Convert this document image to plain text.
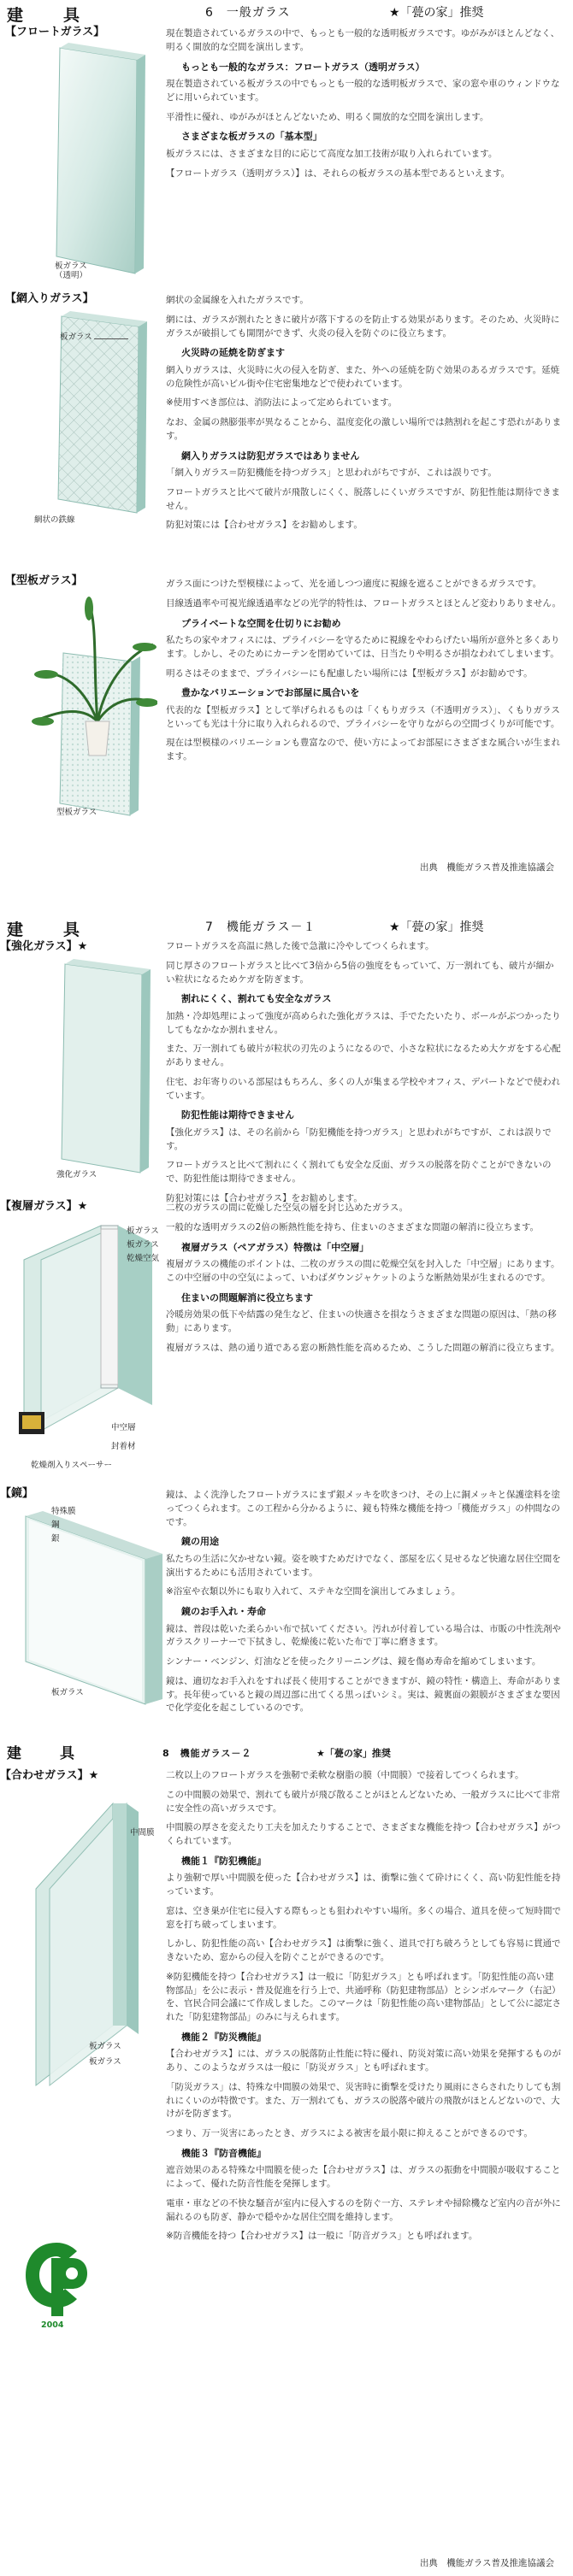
建　具	6　一般ガラス	★「甍の家」推奨
【フロートガラス】
板ガラス
（透明）

現在製造されているガラスの中で、もっとも一般的な透明板ガラスです。ゆがみがほとんどなく、明るく開放的な空間を演出します。

もっとも一般的なガラス：フロートガラス（透明ガラス）

現在製造されている板ガラスの中でもっとも一般的な透明板ガラスで、家の窓や車のウィンドウなどに用いられています。

平滑性に優れ、ゆがみがほとんどないため、明るく開放的な空間を演出します。

さまざまな板ガラスの「基本型」

板ガラスには、さまざまな目的に応じて高度な加工技術が取り入れられています。

【フロートガラス（透明ガラス）】は、それらの板ガラスの基本型であるといえます。

【網入りガラス】
板ガラス
網状の鉄線

網状の金属線を入れたガラスです。

網には、ガラスが割れたときに破片が落下するのを防止する効果があります。そのため、火災時にガラスが破損しても開閉ができず、火炎の侵入を防ぐのに役立ちます。

火災時の延焼を防ぎます

網入りガラスは、火災時に火の侵入を防ぎ、また、外への延焼を防ぐ効果のあるガラスです。延焼の危険性が高いビル街や住宅密集地などで使われています。

※使用すべき部位は、消防法によって定められています。

なお、金属の熱膨張率が異なることから、温度変化の激しい場所では熱割れを起こす恐れがあります。

網入りガラスは防犯ガラスではありません

「網入りガラス＝防犯機能を持つガラス」と思われがちですが、これは誤りです。

フロートガラスと比べて破片が飛散しにくく、脱落しにくいガラスですが、防犯性能は期待できません。

防犯対策には【合わせガラス】をお勧めします。

【型板ガラス】
型板ガラス

ガラス面につけた型模様によって、光を通しつつ適度に視線を遮ることができるガラスです。

目線透過率や可視光線透過率などの光学的特性は、フロートガラスとほとんど変わりありません。

プライベートな空間を仕切りにお勧め

私たちの家やオフィスには、プライバシーを守るために視線をやわらげたい場所が意外と多くあります。しかし、そのためにカーテンを閉めていては、日当たりや明るさが損なわれてしまいます。

明るさはそのままで、プライバシーにも配慮したい場所には【型板ガラス】がお勧めです。

豊かなバリエーションでお部屋に風合いを

代表的な【型板ガラス】として挙げられるものは「くもりガラス（不透明ガラス）」、くもりガラスといっても光は十分に取り入れられるので、プライバシーを守りながらの空間づくりが可能です。

現在は型模様のバリエーションも豊富なので、使い方によってお部屋にさまざまな風合いが生まれます。

出典　機能ガラス普及推進協議会
建　具	7　機能ガラス－１	★「甍の家」推奨
【強化ガラス】★
強化ガラス

フロートガラスを高温に熱した後で急激に冷やしてつくられます。

同じ厚さのフロートガラスと比べて3倍から5倍の強度をもっていて、万一割れても、破片が細かい粒状になるためケガを防ぎます。

割れにくく、割れても安全なガラス

加熱・冷却処理によって強度が高められた強化ガラスは、手でたたいたり、ボールがぶつかったりしてもなかなか割れません。

また、万一割れても破片が粒状の刃先のようになるので、小さな粒状になるため大ケガをする心配がありません。

住宅、お年寄りのいる部屋はもちろん、多くの人が集まる学校やオフィス、デパートなどで使われています。

防犯性能は期待できません

【強化ガラス】は、その名前から「防犯機能を持つガラス」と思われがちですが、これは誤りです。

フロートガラスと比べて割れにくく割れても安全な反面、ガラスの脱落を防ぐことができないので、防犯性能は期待できません。

防犯対策には【合わせガラス】をお勧めします。

【複層ガラス】★
板ガラス
板ガラス
乾燥空気
中空層
封着材
乾燥剤入りスペーサー

二枚のガラスの間に乾燥した空気の層を封じ込めたガラス。

一般的な透明ガラスの2倍の断熱性能を持ち、住まいのさまざまな問題の解消に役立ちます。

複層ガラス（ペアガラス）特徴は「中空層」

複層ガラスの機能のポイントは、二枚のガラスの間に乾燥空気を封入した「中空層」にあります。この中空層の中の空気によって、いわばダウンジャケットのような断熱効果が生まれるのです。

住まいの問題解消に役立ちます

冷暖房効果の低下や結露の発生など、住まいの快適さを損なうさまざまな問題の原因は、「熱の移動」にあります。

複層ガラスは、熱の通り道である窓の断熱性能を高めるため、こうした問題の解消に役立ちます。

【鏡】
特殊膜
鋼
銀
板ガラス

鏡は、よく洗浄したフロートガラスにまず銀メッキを吹きつけ、その上に銅メッキと保護塗料を塗ってつくられます。この工程から分かるように、鏡も特殊な機能を持つ「機能ガラス」の仲間なのです。

鏡の用途

私たちの生活に欠かせない鏡。姿を映すためだけでなく、部屋を広く見せるなど快適な居住空間を演出するためにも活用されています。

※浴室や衣類以外にも取り入れて、ステキな空間を演出してみましょう。

鏡のお手入れ・寿命

鏡は、普段は乾いた柔らかい布で拭いてください。汚れが付着している場合は、市販の中性洗剤やガラスクリーナーで下拭きし、乾燥後に乾いた布で丁寧に磨きます。

シンナー・ベンジン、灯油などを使ったクリーニングは、鏡を傷め寿命を縮めてしまいます。

鏡は、適切なお手入れをすれば長く使用することができますが、鏡の特性・構造上、寿命があります。長年使っていると鏡の周辺部に出てくる黒っぽいシミ。実は、鏡裏面の銀膜がさまざまな要因で化学変化を起こしているのです。

建　具	8　機能ガラス－２	★「甍の家」推奨
【合わせガラス】★
中間膜
板ガラス
板ガラス
2004

二枚以上のフロートガラスを強靭で柔軟な樹脂の膜（中間膜）で接着してつくられます。

この中間膜の効果で、割れても破片が飛び散ることがほとんどないため、一般ガラスに比べて非常に安全性の高いガラスです。

中間膜の厚さを変えたり工夫を加えたりすることで、さまざまな機能を持つ【合わせガラス】がつくられています。

機能１『防犯機能』

より強靭で厚い中間膜を使った【合わせガラス】は、衝撃に強くて砕けにくく、高い防犯性能を持っています。

窓は、空き巣が住宅に侵入する際もっとも狙われやすい場所。多くの場合、道具を使って短時間で窓を打ち破ってしまいます。

しかし、防犯性能の高い【合わせガラス】は衝撃に強く、道具で打ち破ろうとしても容易に貫通できないため、窓からの侵入を防ぐことができるのです。

※防犯機能を持つ【合わせガラス】は一般に「防犯ガラス」とも呼ばれます。「防犯性能の高い建物部品」を公に表示・普及促進を行う上で、共通呼称（防犯建物部品）とシンボルマーク（右記）を、官民合同会議にて作成しました。このマークは「防犯性能の高い建物部品」として公に認定された「防犯建物部品」のみに与えられます。

機能２『防災機能』

【合わせガラス】には、ガラスの脱落防止性能に特に優れ、防災対策に高い効果を発揮するものがあり、このようなガラスは一般に「防災ガラス」とも呼ばれます。

「防災ガラス」は、特殊な中間膜の効果で、災害時に衝撃を受けたり風雨にさらされたりしても割れにくいのが特徴です。また、万一割れても、ガラスの脱落や破片の飛散がほとんどないので、大けがを防ぎます。

つまり、万一災害にあったとき、ガラスによる被害を最小限に抑えることができるのです。

機能３『防音機能』

遮音効果のある特殊な中間膜を使った【合わせガラス】は、ガラスの振動を中間膜が吸収することによって、優れた防音性能を発揮します。

電車・車などの不快な騒音が室内に侵入するのを防ぐ一方、ステレオや掃除機など室内の音が外に漏れるのも防ぎ、静かで穏やかな居住空間を維持します。

※防音機能を持つ【合わせガラス】は一般に「防音ガラス」とも呼ばれます。

出典　機能ガラス普及推進協議会
